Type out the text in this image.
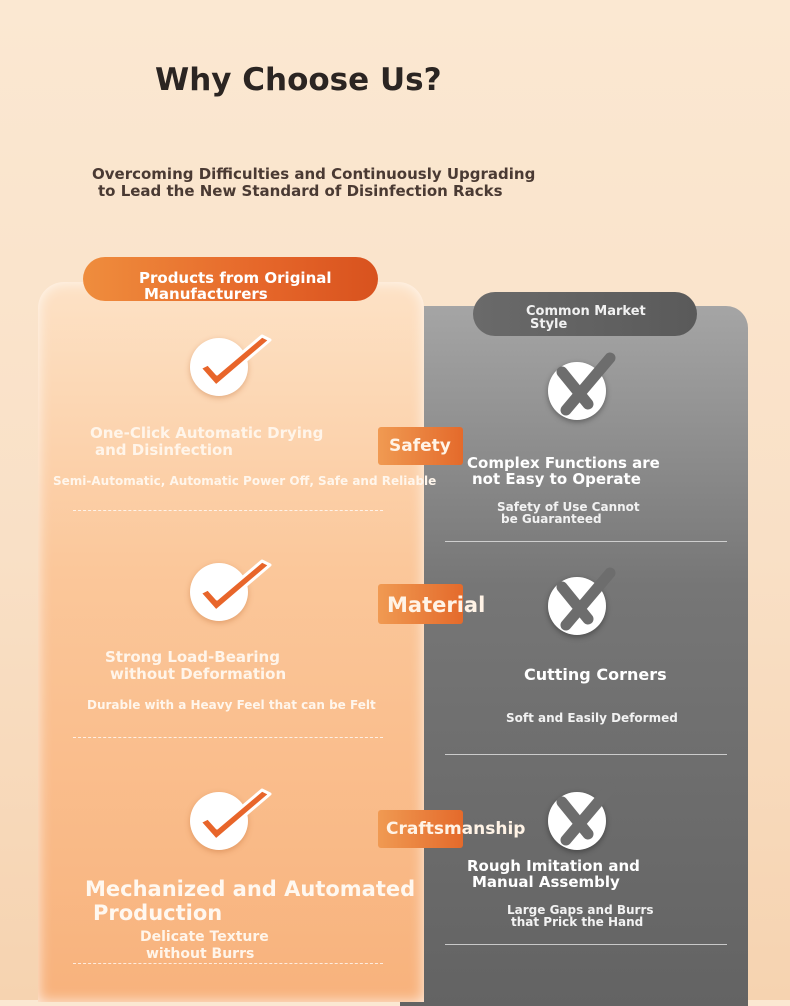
Why Choose Us?
Overcoming Difficulties and Continuously Upgrading
to Lead the New Standard of Disinfection Racks
Common Market
Style
Products from Original
Manufacturers
One-Click Automatic Drying
and Disinfection
Semi-Automatic, Automatic Power Off, Safe and Reliable
Strong Load-Bearing
without Deformation
Durable with a Heavy Feel that can be Felt
Mechanized and Automated
Production
Delicate Texture
without Burrs
Complex Functions are
not Easy to Operate
Safety of Use Cannot
be Guaranteed
Cutting Corners
Soft and Easily Deformed
Rough Imitation and
Manual Assembly
Large Gaps and Burrs
that Prick the Hand
Safety
Material
Craftsmanship
